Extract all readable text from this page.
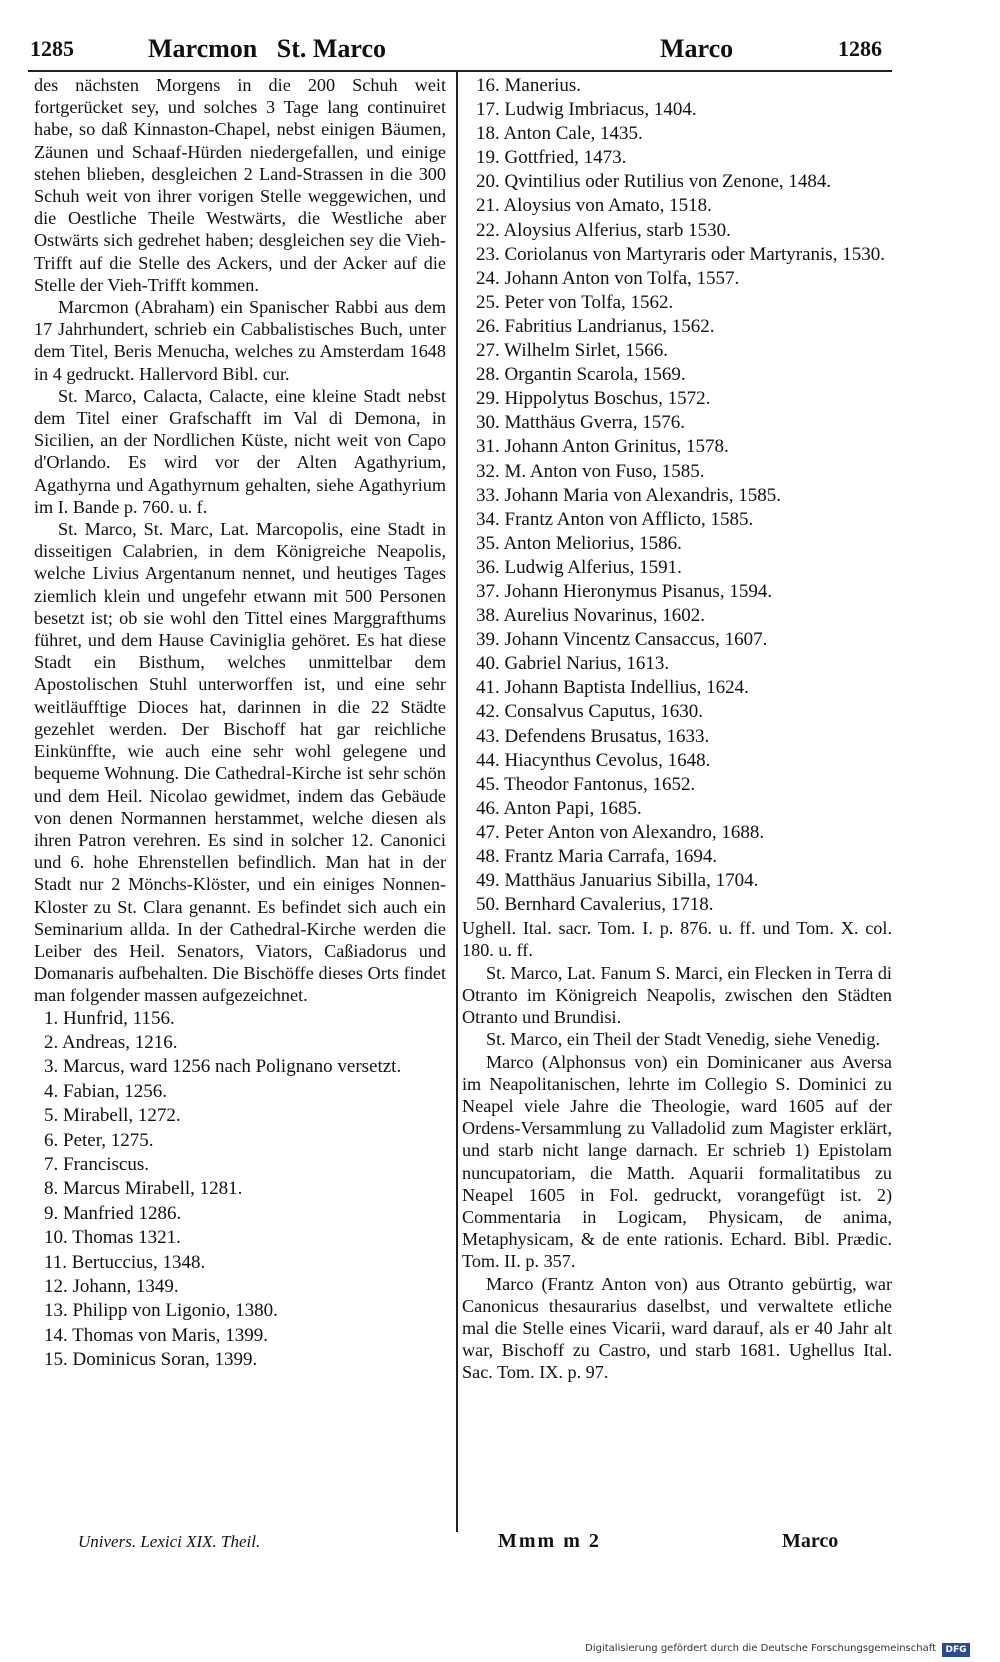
1285	Marcmon   St. Marco	Marco	1286

des nächsten Morgens in die 200 Schuh weit fortgerücket sey, und solches 3 Tage lang continuiret habe, so daß Kinnaston-Chapel, nebst einigen Bäumen, Zäunen und Schaaf-Hürden niedergefallen, und einige stehen blieben, desgleichen 2 Land-Strassen in die 300 Schuh weit von ihrer vorigen Stelle weggewichen, und die Oestliche Theile Westwärts, die Westliche aber Ostwärts sich gedrehet haben; desgleichen sey die Vieh-Trifft auf die Stelle des Ackers, und der Acker auf die Stelle der Vieh-Trifft kommen.

Marcmon (Abraham) ein Spanischer Rabbi aus dem 17 Jahrhundert, schrieb ein Cabbalistisches Buch, unter dem Titel, Beris Menucha, welches zu Amsterdam 1648 in 4 gedruckt. Hallervord Bibl. cur.

St. Marco, Calacta, Calacte, eine kleine Stadt nebst dem Titel einer Grafschafft im Val di Demona, in Sicilien, an der Nordlichen Küste, nicht weit von Capo d'Orlando. Es wird vor der Alten Agathyrium, Agathyrna und Agathyrnum gehalten, siehe Agathyrium im I. Bande p. 760. u. f.

St. Marco, St. Marc, Lat. Marcopolis, eine Stadt in disseitigen Calabrien, in dem Königreiche Neapolis, welche Livius Argentanum nennet, und heutiges Tages ziemlich klein und ungefehr etwann mit 500 Personen besetzt ist; ob sie wohl den Tittel eines Marggrafthums führet, und dem Hause Caviniglia gehöret. Es hat diese Stadt ein Bisthum, welches unmittelbar dem Apostolischen Stuhl unterworffen ist, und eine sehr weitläufftige Dioces hat, darinnen in die 22 Städte gezehlet werden. Der Bischoff hat gar reichliche Einkünffte, wie auch eine sehr wohl gelegene und bequeme Wohnung. Die Cathedral-Kirche ist sehr schön und dem Heil. Nicolao gewidmet, indem das Gebäude von denen Normannen herstammet, welche diesen als ihren Patron verehren. Es sind in solcher 12. Canonici und 6. hohe Ehrenstellen befindlich. Man hat in der Stadt nur 2 Mönchs-Klöster, und ein einiges Nonnen-Kloster zu St. Clara genannt. Es befindet sich auch ein Seminarium allda. In der Cathedral-Kirche werden die Leiber des Heil. Senators, Viators, Caßiadorus und Domanaris aufbehalten. Die Bischöffe dieses Orts findet man folgender massen aufgezeichnet.

1. Hunfrid, 1156.
2. Andreas, 1216.
3. Marcus, ward 1256 nach Polignano versetzt.
4. Fabian, 1256.
5. Mirabell, 1272.
6. Peter, 1275.
7. Franciscus.
8. Marcus Mirabell, 1281.
9. Manfried 1286.
10. Thomas 1321.
11. Bertuccius, 1348.
12. Johann, 1349.
13. Philipp von Ligonio, 1380.
14. Thomas von Maris, 1399.
15. Dominicus Soran, 1399.
16. Manerius.
17. Ludwig Imbriacus, 1404.
18. Anton Cale, 1435.
19. Gottfried, 1473.
20. Qvintilius oder Rutilius von Zenone, 1484.
21. Aloysius von Amato, 1518.
22. Aloysius Alferius, starb 1530.
23. Coriolanus von Martyraris oder Martyranis, 1530.
24. Johann Anton von Tolfa, 1557.
25. Peter von Tolfa, 1562.
26. Fabritius Landrianus, 1562.
27. Wilhelm Sirlet, 1566.
28. Organtin Scarola, 1569.
29. Hippolytus Boschus, 1572.
30. Matthäus Gverra, 1576.
31. Johann Anton Grinitus, 1578.
32. M. Anton von Fuso, 1585.
33. Johann Maria von Alexandris, 1585.
34. Frantz Anton von Afflicto, 1585.
35. Anton Meliorius, 1586.
36. Ludwig Alferius, 1591.
37. Johann Hieronymus Pisanus, 1594.
38. Aurelius Novarinus, 1602.
39. Johann Vincentz Cansaccus, 1607.
40. Gabriel Narius, 1613.
41. Johann Baptista Indellius, 1624.
42. Consalvus Caputus, 1630.
43. Defendens Brusatus, 1633.
44. Hiacynthus Cevolus, 1648.
45. Theodor Fantonus, 1652.
46. Anton Papi, 1685.
47. Peter Anton von Alexandro, 1688.
48. Frantz Maria Carrafa, 1694.
49. Matthäus Januarius Sibilla, 1704.
50. Bernhard Cavalerius, 1718.

Ughell. Ital. sacr. Tom. I. p. 876. u. ff. und Tom. X. col. 180. u. ff.

St. Marco, Lat. Fanum S. Marci, ein Flecken in Terra di Otranto im Königreich Neapolis, zwischen den Städten Otranto und Brundisi.

St. Marco, ein Theil der Stadt Venedig, siehe Venedig.

Marco (Alphonsus von) ein Dominicaner aus Aversa im Neapolitanischen, lehrte im Collegio S. Dominici zu Neapel viele Jahre die Theologie, ward 1605 auf der Ordens-Versammlung zu Valladolid zum Magister erklärt, und starb nicht lange darnach. Er schrieb 1) Epistolam nuncupatoriam, die Matth. Aquarii formalitatibus zu Neapel 1605 in Fol. gedruckt, vorangefügt ist. 2) Commentaria in Logicam, Physicam, de anima, Metaphysicam, & de ente rationis. Echard. Bibl. Prædic. Tom. II. p. 357.

Marco (Frantz Anton von) aus Otranto gebürtig, war Canonicus thesaurarius daselbst, und verwaltete etliche mal die Stelle eines Vicarii, ward darauf, als er 40 Jahr alt war, Bischoff zu Castro, und starb 1681. Ughellus Ital. Sac. Tom. IX. p. 97.

Univers. Lexici XIX. Theil.	Mmm m 2	Marco
Digitalisierung gefördert durch die Deutsche Forschungsgemeinschaft	DFG
